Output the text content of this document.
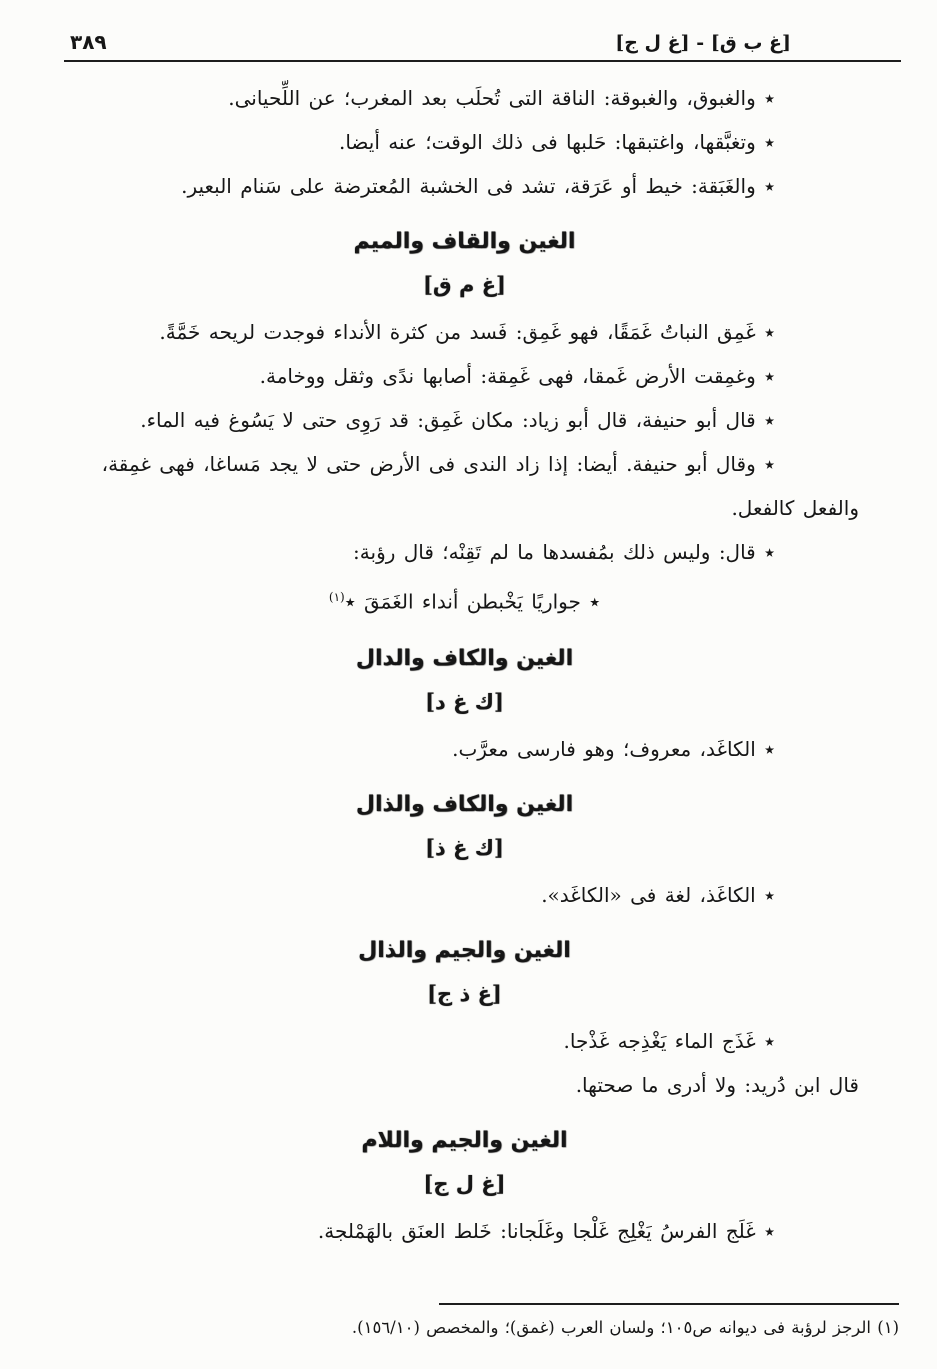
[غ ب ق] - [غ ل ج]
٣٨٩

٭ والغبوق، والغبوقة: الناقة التى تُحلَب بعد المغرب؛ عن اللِّحيانى.

٭ وتغبَّقها، واغتبقها: حَلبها فى ذلك الوقت؛ عنه أيضا.

٭ والغَبَقة: خيط أو عَرَقة، تشد فى الخشبة المُعترضة على سَنام البعير.

الغين والقاف والميم
[غ م ق]

٭ غَمِق النباتُ غَمَقًا، فهو غَمِق: فَسد من كثرة الأنداء فوجدت لريحه خَمَّةً.

٭ وغمِقت الأرض غَمقا، فهى غَمِقة: أصابها ندًى وثقل ووخامة.

٭ قال أبو حنيفة، قال أبو زياد: مكان غَمِق: قد رَوِى حتى لا يَسُوغ فيه الماء.

٭ وقال أبو حنيفة. أيضا: إذا زاد الندى فى الأرض حتى لا يجد مَساغا، فهى غمِقة، والفعل كالفعل.

٭ قال: وليس ذلك بمُفسدها ما لم تَقِنْه؛ قال رؤبة:

٭ جواريًا يَخْبطن أنداء الغَمَقَ ٭$^{(١)}$

الغين والكاف والدال
[ك غ د]

٭ الكاغَد، معروف؛ وهو فارسى معرَّب.

الغين والكاف والذال
[ك غ ذ]

٭ الكاغَذ، لغة فى «الكاغَد».

الغين والجيم والذال
[غ ذ ج]

٭ غَذَج الماء يَغْذِجه غَذْجا.

قال ابن دُريد: ولا أدرى ما صحتها.

الغين والجيم واللام
[غ ل ج]

٭ غَلَج الفرسُ يَغْلِج غَلْجا وغَلَجانا: خَلط العنَق بالهَمْلجة.

(١) الرجز لرؤبة فى ديوانه ص١٠٥؛ ولسان العرب (غمق)؛ والمخصص (١٥٦/١٠).
